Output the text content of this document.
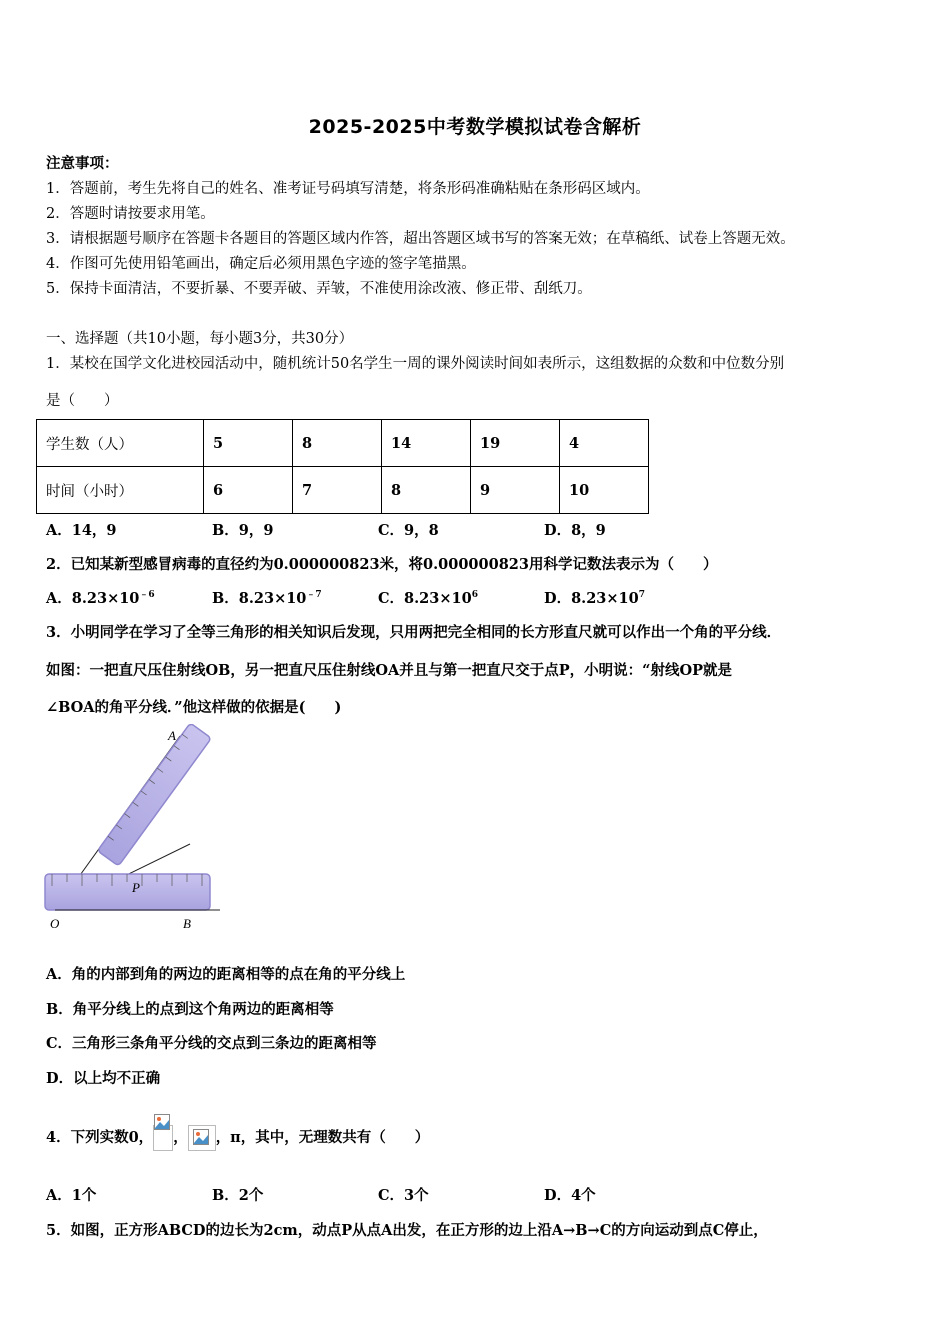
2025-2025中考数学模拟试卷含解析
注意事项：
1．答题前，考生先将自己的姓名、准考证号码填写清楚，将条形码准确粘贴在条形码区域内。
2．答题时请按要求用笔。
3．请根据题号顺序在答题卡各题目的答题区域内作答，超出答题区域书写的答案无效；在草稿纸、试卷上答题无效。
4．作图可先使用铅笔画出，确定后必须用黑色字迹的签字笔描黑。
5．保持卡面清洁，不要折暴、不要弄破、弄皱，不准使用涂改液、修正带、刮纸刀。
一、选择题（共10小题，每小题3分，共30分）
1．某校在国学文化进校园活动中，随机统计50名学生一周的课外阅读时间如表所示，这组数据的众数和中位数分别
是（　　）
学生数（人）	5	8	14	19	4
时间（小时）	6	7	8	9	10
A．14，9	B．9，9	C．9，8	D．8，9
2．已知某新型感冒病毒的直径约为0.000000823米，将0.000000823用科学记数法表示为（　　）
A．$8.23\times 10^{﹣6}$	B．$8.23\times 10^{﹣7}$	C．$8.23\times 10^6$	D．$8.23\times 10^7$
3．小明同学在学习了全等三角形的相关知识后发现，只用两把完全相同的长方形直尺就可以作出一个角的平分线．
如图：一把直尺压住射线OB，另一把直尺压住射线OA并且与第一把直尺交于点P，小明说：“射线OP就是
∠BOA的角平分线．”他这样做的依据是(　　)
A
P
O	B
A．角的内部到角的两边的距离相等的点在角的平分线上
B．角平分线上的点到这个角两边的距离相等
C．三角形三条角平分线的交点到三条边的距离相等
D．以上均不正确
4．下列实数0， ， ，π，其中，无理数共有（　　）
A．1个	B．2个	C．3个	D．4个
5．如图，正方形ABCD的边长为2cm，动点P从点A出发，在正方形的边上沿A→B→C的方向运动到点C停止，
